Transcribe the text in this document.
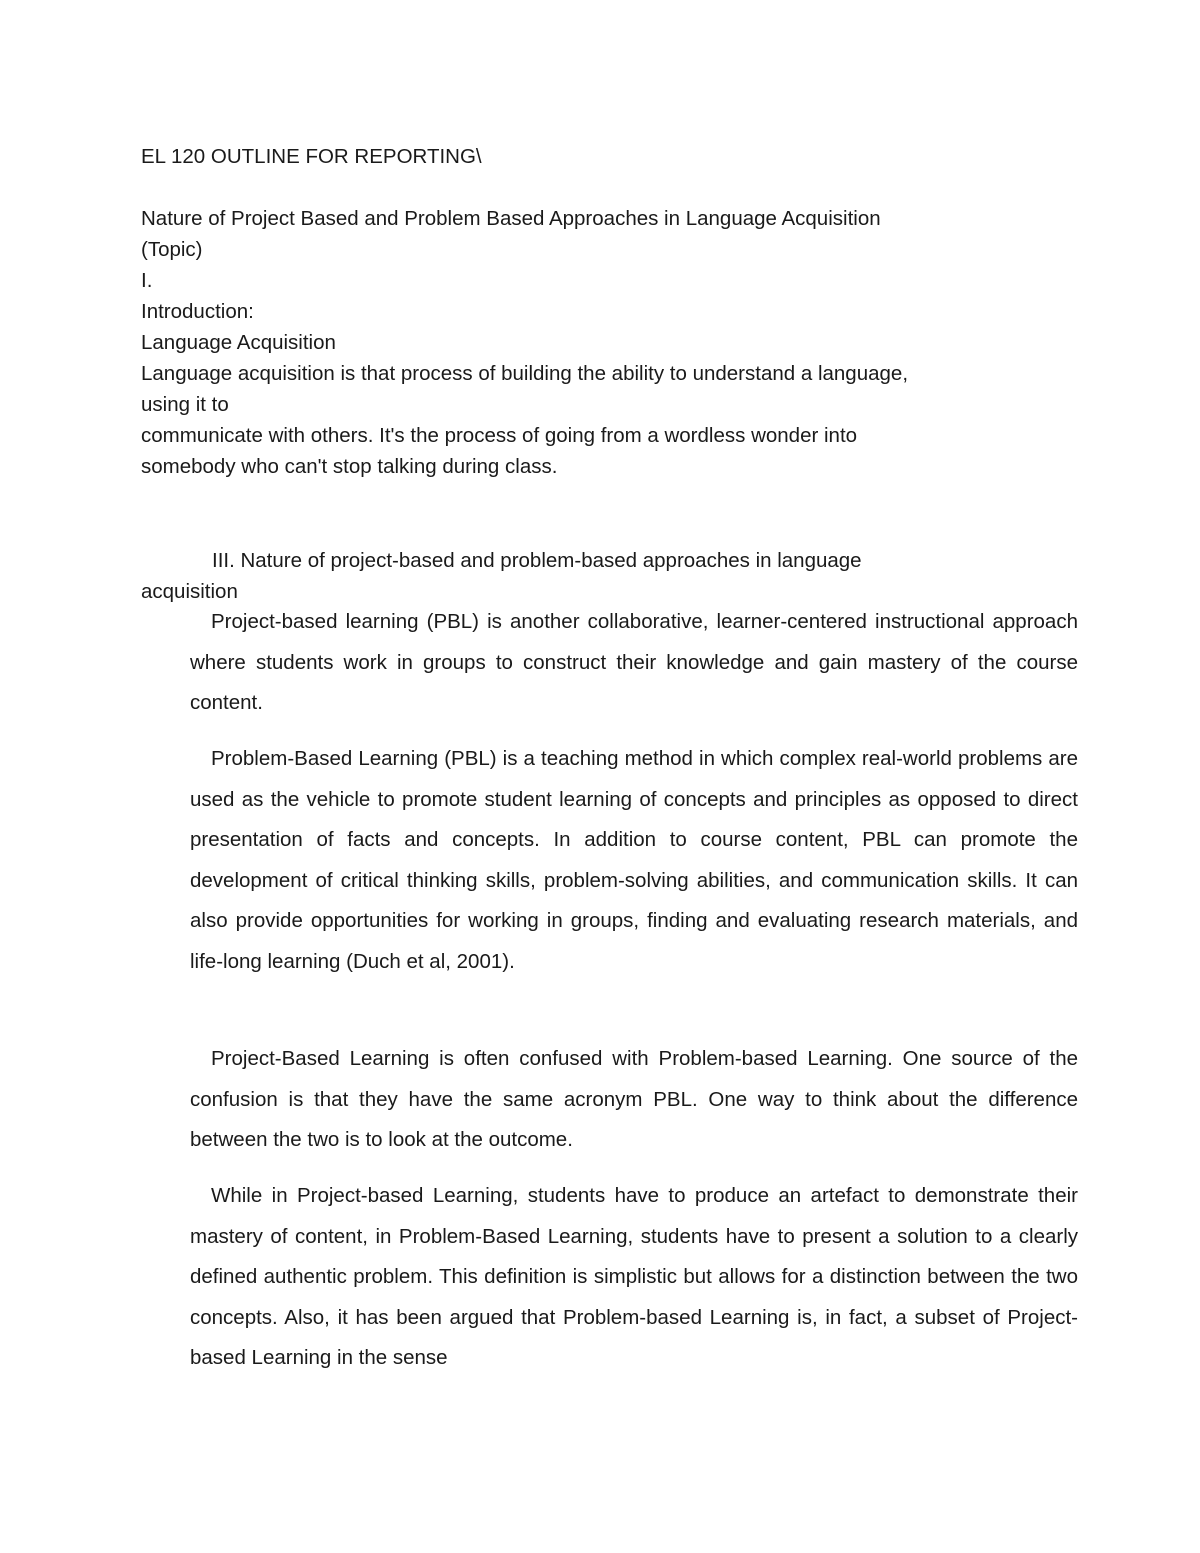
EL 120 OUTLINE FOR REPORTING\
Nature of Project Based and Problem Based Approaches in Language Acquisition
(Topic)
I.
Introduction:
Language Acquisition
Language acquisition is that process of building the ability to understand a language,
using it to
communicate with others. It's the process of going from a wordless wonder into
somebody who can't stop talking during class.
III. Nature of project-based and problem-based approaches in language
acquisition

Project-based learning (PBL) is another collaborative, learner-centered instructional approach where students work in groups to construct their knowledge and gain mastery of the course content.

Problem-Based Learning (PBL) is a teaching method in which complex real-world problems are used as the vehicle to promote student learning of concepts and principles as opposed to direct presentation of facts and concepts. In addition to course content, PBL can promote the development of critical thinking skills, problem-solving abilities, and communication skills. It can also provide opportunities for working in groups, finding and evaluating research materials, and life-long learning (Duch et al, 2001).

Project-Based Learning is often confused with Problem-based Learning. One source of the confusion is that they have the same acronym PBL. One way to think about the difference between the two is to look at the outcome.

While in Project-based Learning, students have to produce an artefact to demonstrate their mastery of content, in Problem-Based Learning, students have to present a solution to a clearly defined authentic problem. This definition is simplistic but allows for a distinction between the two concepts. Also, it has been argued that Problem-based Learning is, in fact, a subset of Project-based Learning in the sense
